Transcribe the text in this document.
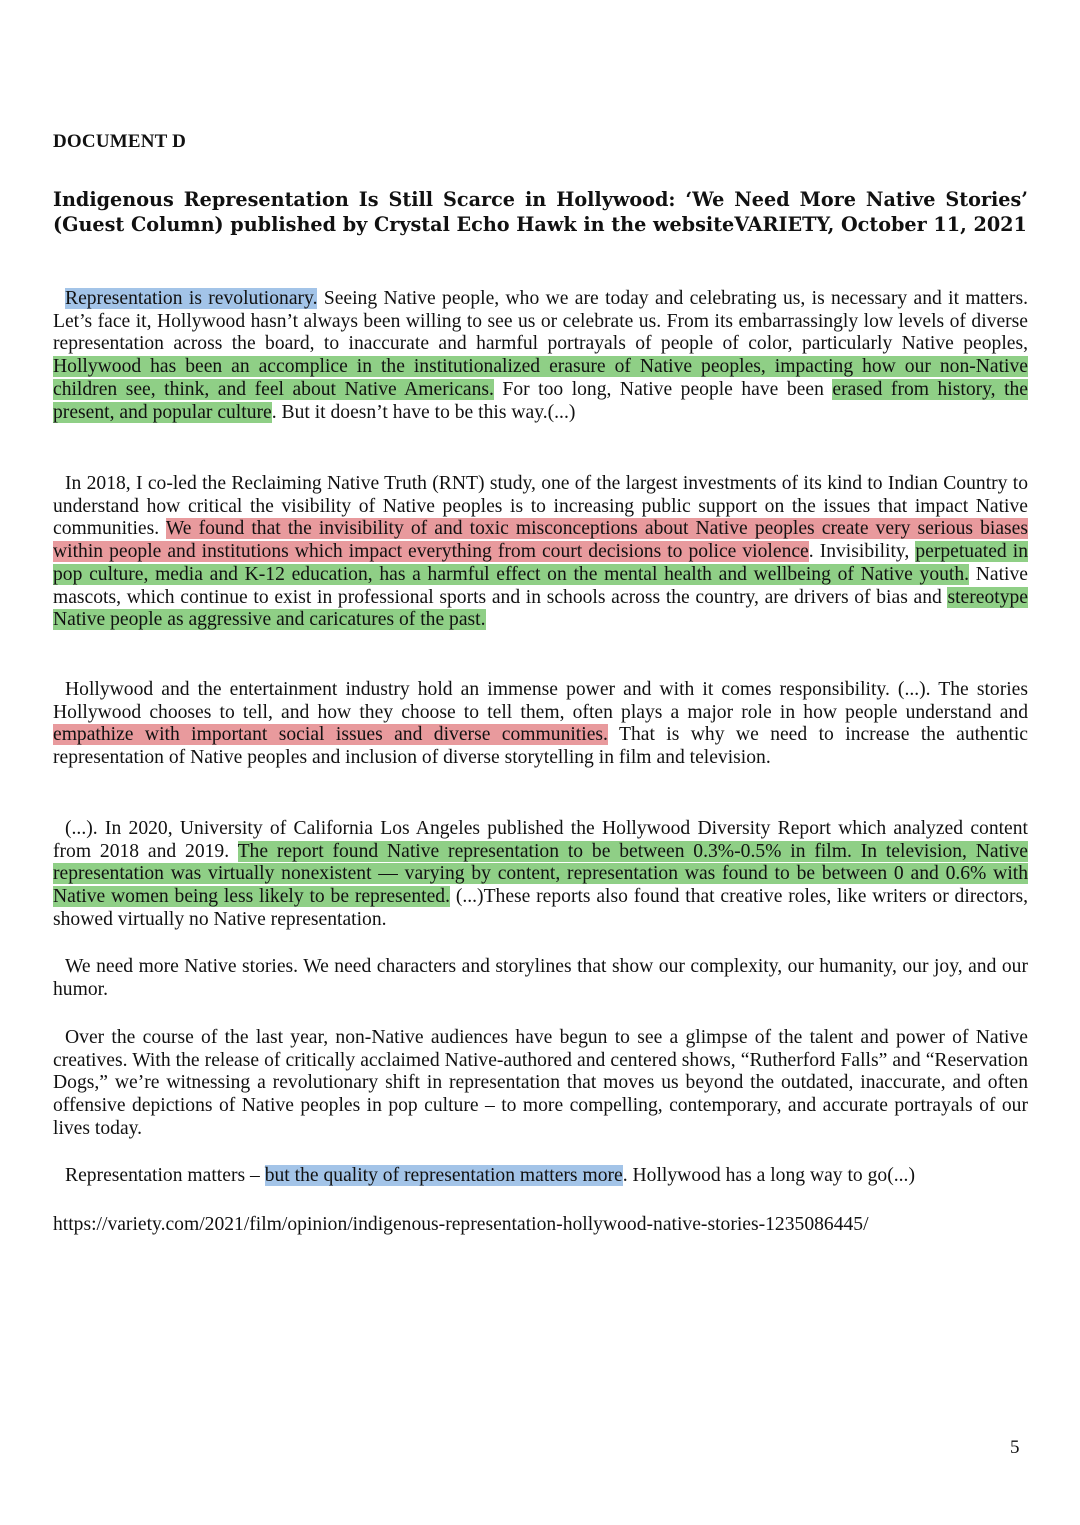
DOCUMENT D
Indigenous Representation Is Still Scarce in Hollywood: ‘We Need More Native Stories’ (Guest Column) published by Crystal Echo Hawk in the websiteVARIETY, October 11, 2021

Representation is revolutionary. Seeing Native people, who we are today and celebrating us, is necessary and it matters. Let’s face it, Hollywood hasn’t always been willing to see us or celebrate us. From its embarrassingly low levels of diverse representation across the board, to inaccurate and harmful portrayals of people of color, particularly Native peoples, Hollywood has been an accomplice in the institutionalized erasure of Native peoples, impacting how our non-Native children see, think, and feel about Native Americans. For too long, Native people have been erased from history, the present, and popular culture. But it doesn’t have to be this way.(...)

In 2018, I co-led the Reclaiming Native Truth (RNT) study, one of the largest investments of its kind to Indian Country to understand how critical the visibility of Native peoples is to increasing public support on the issues that impact Native communities. We found that the invisibility of and toxic misconceptions about Native peoples create very serious biases within people and institutions which impact everything from court decisions to police violence. Invisibility, perpetuated in pop culture, media and K-12 education, has a harmful effect on the mental health and wellbeing of Native youth. Native mascots, which continue to exist in professional sports and in schools across the country, are drivers of bias and stereotype Native people as aggressive and caricatures of the past.

Hollywood and the entertainment industry hold an immense power and with it comes responsibility. (...). The stories Hollywood chooses to tell, and how they choose to tell them, often plays a major role in how people understand and empathize with important social issues and diverse communities. That is why we need to increase the authentic representation of Native peoples and inclusion of diverse storytelling in film and television.

(...). In 2020, University of California Los Angeles published the Hollywood Diversity Report which analyzed content from 2018 and 2019. The report found Native representation to be between 0.3%-0.5% in film. In television, Native representation was virtually nonexistent — varying by content, representation was found to be between 0 and 0.6% with Native women being less likely to be represented. (...)These reports also found that creative roles, like writers or directors, showed virtually no Native representation.

We need more Native stories. We need characters and storylines that show our complexity, our humanity, our joy, and our humor.

Over the course of the last year, non-Native audiences have begun to see a glimpse of the talent and power of Native creatives. With the release of critically acclaimed Native-authored and centered shows, “Rutherford Falls” and “Reservation Dogs,” we’re witnessing a revolutionary shift in representation that moves us beyond the outdated, inaccurate, and often offensive depictions of Native peoples in pop culture – to more compelling, contemporary, and accurate portrayals of our lives today.

Representation matters – but the quality of representation matters more. Hollywood has a long way to go(...)

https://variety.com/2021/film/opinion/indigenous-representation-hollywood-native-stories-1235086445/
5
